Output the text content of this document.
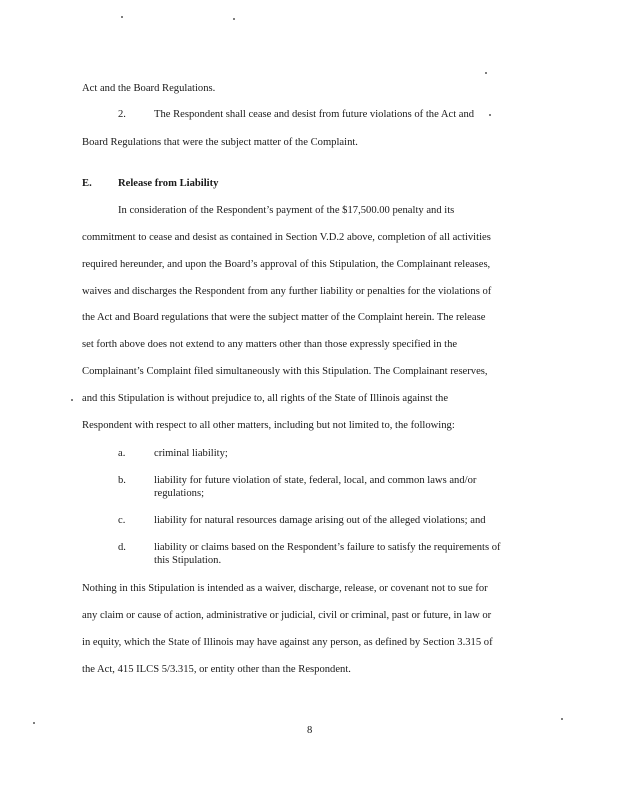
Act and the Board Regulations.
2.	The Respondent shall cease and desist from future violations of the Act and
Board Regulations that were the subject matter of the Complaint.
E. Release from Liability
In consideration of the Respondent’s payment of the $17,500.00 penalty and its
commitment to cease and desist as contained in Section V.D.2 above, completion of all activities
required hereunder, and upon the Board’s approval of this Stipulation, the Complainant releases,
waives and discharges the Respondent from any further liability or penalties for the violations of
the Act and Board regulations that were the subject matter of the Complaint herein. The release
set forth above does not extend to any matters other than those expressly specified in the
Complainant’s Complaint filed simultaneously with this Stipulation. The Complainant reserves,
and this Stipulation is without prejudice to, all rights of the State of Illinois against the
Respondent with respect to all other matters, including but not limited to, the following:
a.	criminal liability;
b.	liability for future violation of state, federal, local, and common laws and/or
regulations;
c.	liability for natural resources damage arising out of the alleged violations; and
d.	liability or claims based on the Respondent’s failure to satisfy the requirements of
this Stipulation.
Nothing in this Stipulation is intended as a waiver, discharge, release, or covenant not to sue for
any claim or cause of action, administrative or judicial, civil or criminal, past or future, in law or
in equity, which the State of Illinois may have against any person, as defined by Section 3.315 of
the Act, 415 ILCS 5/3.315, or entity other than the Respondent.
8
